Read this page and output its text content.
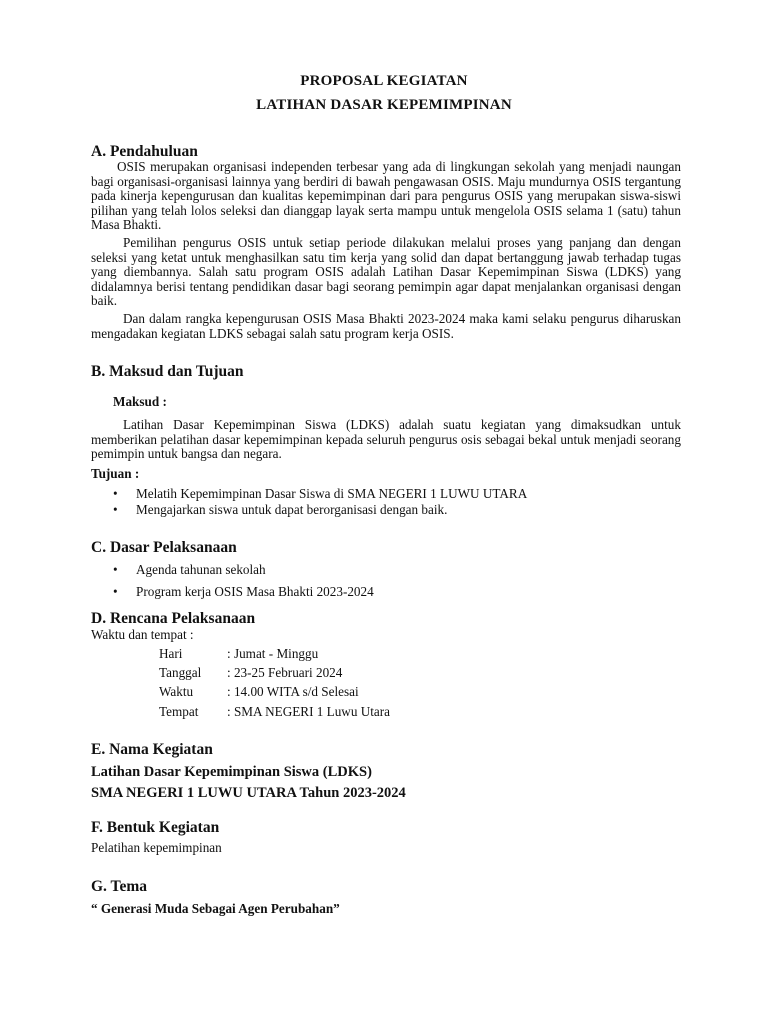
PROPOSAL KEGIATAN
LATIHAN DASAR KEPEMIMPINAN
A. Pendahuluan
OSIS merupakan organisasi independen terbesar yang ada di lingkungan sekolah yang menjadi naungan bagi organisasi-organisasi lainnya yang berdiri di bawah pengawasan OSIS. Maju mundurnya OSIS tergantung pada kinerja kepengurusan dan kualitas kepemimpinan dari para pengurus OSIS yang merupakan siswa-siswi pilihan yang telah lolos seleksi dan dianggap layak serta mampu untuk mengelola OSIS selama 1 (satu) tahun Masa Bhakti.
Pemilihan pengurus OSIS untuk setiap periode dilakukan melalui proses yang panjang dan dengan seleksi yang ketat untuk menghasilkan satu tim kerja yang solid dan dapat bertanggung jawab terhadap tugas yang diembannya. Salah satu program OSIS adalah Latihan Dasar Kepemimpinan Siswa (LDKS) yang didalamnya berisi tentang pendidikan dasar bagi seorang pemimpin agar dapat menjalankan organisasi dengan baik.
Dan dalam rangka kepengurusan OSIS Masa Bhakti 2023-2024 maka kami selaku pengurus diharuskan mengadakan kegiatan LDKS sebagai salah satu program kerja OSIS.
B. Maksud dan Tujuan
Maksud :
Latihan Dasar Kepemimpinan Siswa (LDKS) adalah suatu kegiatan yang dimaksudkan untuk memberikan pelatihan dasar kepemimpinan kepada seluruh pengurus osis sebagai bekal untuk menjadi seorang pemimpin untuk bangsa dan negara.
Tujuan :
• Melatih Kepemimpinan Dasar Siswa di SMA NEGERI 1 LUWU UTARA
• Mengajarkan siswa untuk dapat berorganisasi dengan baik.
C. Dasar Pelaksanaan
• Agenda tahunan sekolah
• Program kerja OSIS Masa Bhakti 2023-2024
D. Rencana Pelaksanaan
Waktu dan tempat :
Hari	: Jumat - Minggu
Tanggal : 23-25 Februari 2024
Waktu	: 14.00 WITA s/d Selesai
Tempat : SMA NEGERI 1 Luwu Utara
E. Nama Kegiatan
Latihan Dasar Kepemimpinan Siswa (LDKS)
SMA NEGERI 1 LUWU UTARA Tahun 2023-2024
F. Bentuk Kegiatan
Pelatihan kepemimpinan
G. Tema
“ Generasi Muda Sebagai Agen Perubahan”
